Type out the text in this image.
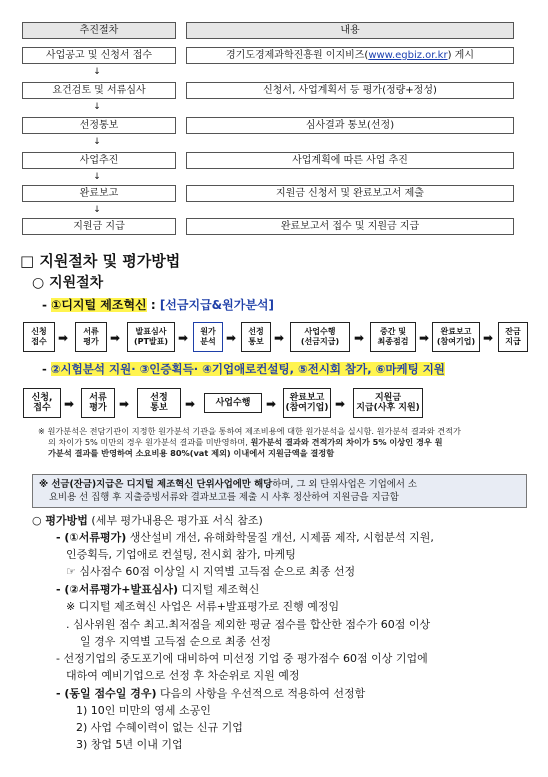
추진절차	내용
사업공고 및 신청서 접수	경기도경제과학진흥원 이지비즈(www.egbiz.or.kr) 게시
↓
요건검토 및 서류심사	신청서, 사업계획서 등 평가(정량+정성)
↓
선정통보	심사결과 통보(선정)
↓
사업추진	사업계획에 따른 사업 추진
↓
완료보고	지원금 신청서 및 완료보고서 제출
↓
지원금 지급	완료보고서 접수 및 지원금 지급
□ 지원절차 및 평가방법
○ 지원절차
- ①디지털 제조혁신 : [선금지급&원가분석]
신청
접수 ➡ 서류
평가 ➡ 발표심사
(PT발표) ➡ 원가
분석 ➡ 선정
통보 ➡	사업수행
(선금지급) ➡	중간 및
최종점검 ➡	완료보고
(참여기업) ➡ 잔금
지급
- ②시험분석 지원· ③인증획득· ④기업애로컨설팅, ⑤전시회 참가, ⑥마케팅 지원
신청,
접수 ➡ 서류
평가 ➡ 선정
통보 ➡ 사업수행 ➡	완료보고
(참여기업) ➡	지원금
지급(사후 지원)
※ 원가분석은 전담기관이 지정한 원가분석 기관을 통하여 제조비용에 대한 원가분석을 실시함. 원가분석 결과와 견적가
의 차이가 5% 미만의 경우 원가분석 결과를 미반영하며, 원가분석 결과와 견적가의 차이가 5% 이상인 경우 원
가분석 결과를 반영하여 소요비용 80%(vat 제외) 이내에서 지원금액을 결정함
※ 선금(잔금)지급은 디지털 제조혁신 단위사업에만 해당하며, 그 외 단위사업은 기업에서 소
요비용 선 집행 후 지출증빙서류와 결과보고를 제출 시 사후 정산하여 지원금을 지급함
○ 평가방법 (세부 평가내용은 평가표 서식 참조)
- (①서류평가) 생산설비 개선, 유해화학물질 개선, 시제품 제작, 시험분석 지원,
인증획득, 기업애로 컨설팅, 전시회 참가, 마케팅
☞ 심사점수 60점 이상일 시 지역별 고득점 순으로 최종 선정
- (②서류평가+발표심사) 디지털 제조혁신
※ 디지털 제조혁신 사업은 서류+발표평가로 진행 예정임
. 심사위원 점수 최고.최저점을 제외한 평균 점수를 합산한 점수가 60점 이상
일 경우 지역별 고득점 순으로 최종 선정
- 선정기업의 중도포기에 대비하여 미선정 기업 중 평가점수 60점 이상 기업에
대하여 예비기업으로 선정 후 차순위로 지원 예정
- (동일 점수일 경우) 다음의 사항을 우선적으로 적용하여 선정함
1) 10인 미만의 영세 소공인
2) 사업 수혜이력이 없는 신규 기업
3) 창업 5년 이내 기업
